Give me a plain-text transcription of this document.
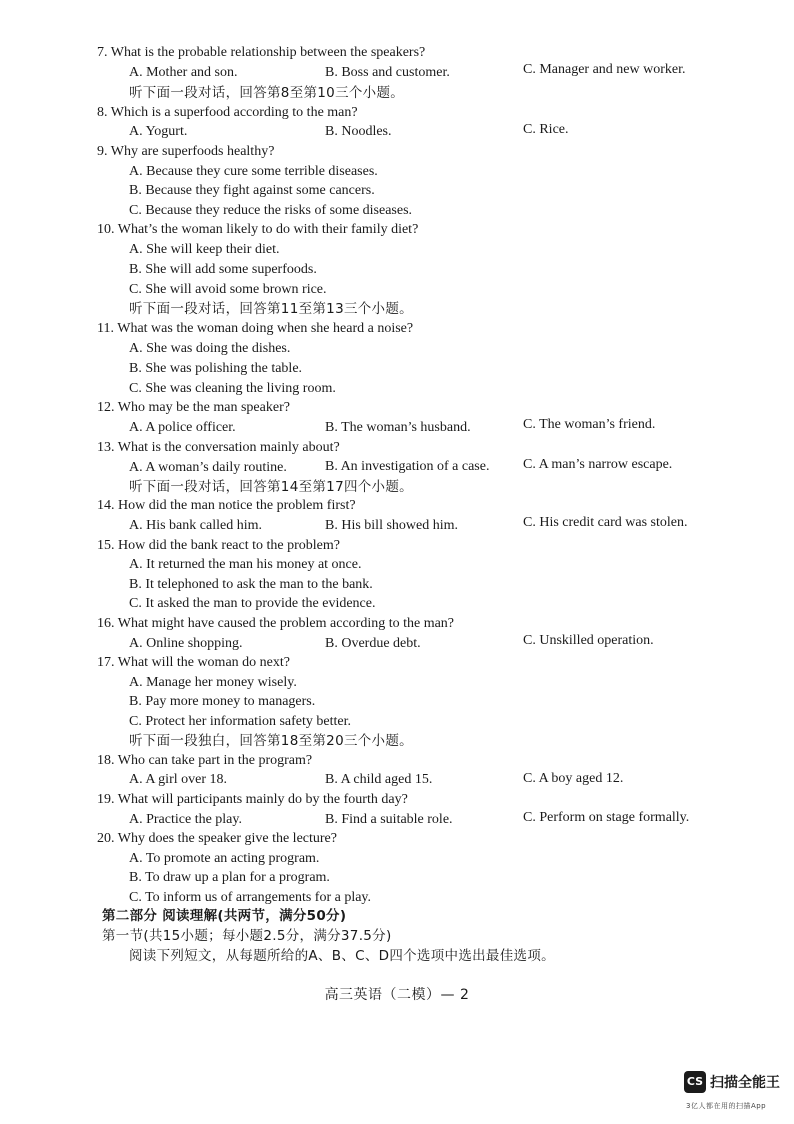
7. What is the probable relationship between the speakers?
A. Mother and son.	B. Boss and customer.	C. Manager and new worker.
听下面一段对话，回答第8至第10三个小题。
8. Which is a superfood according to the man?
A. Yogurt.	B. Noodles.	C. Rice.
9. Why are superfoods healthy?
A. Because they cure some terrible diseases.
B. Because they fight against some cancers.
C. Because they reduce the risks of some diseases.
10. What’s the woman likely to do with their family diet?
A. She will keep their diet.
B. She will add some superfoods.
C. She will avoid some brown rice.
听下面一段对话，回答第11至第13三个小题。
11. What was the woman doing when she heard a noise?
A. She was doing the dishes.
B. She was polishing the table.
C. She was cleaning the living room.
12. Who may be the man speaker?
A. A police officer.	B. The woman’s husband.	C. The woman’s friend.
13. What is the conversation mainly about?
A. A woman’s daily routine.	B. An investigation of a case. C. A man’s narrow escape.
听下面一段对话，回答第14至第17四个小题。
14. How did the man notice the problem first?
A. His bank called him.	B. His bill showed him.	C. His credit card was stolen.
15. How did the bank react to the problem?
A. It returned the man his money at once.
B. It telephoned to ask the man to the bank.
C. It asked the man to provide the evidence.
16. What might have caused the problem according to the man?
A. Online shopping.	B. Overdue debt.	C. Unskilled operation.
17. What will the woman do next?
A. Manage her money wisely.
B. Pay more money to managers.
C. Protect her information safety better.
听下面一段独白，回答第18至第20三个小题。
18. Who can take part in the program?
A. A girl over 18.	B. A child aged 15.	C. A boy aged 12.
19. What will participants mainly do by the fourth day?
A. Practice the play.	B. Find a suitable role.	C. Perform on stage formally.
20. Why does the speaker give the lecture?
A. To promote an acting program.
B. To draw up a plan for a program.
C. To inform us of arrangements for a play.
第二部分 阅读理解(共两节，满分50分)
第一节(共15小题；每小题2.5分，满分37.5分)
阅读下列短文，从每题所给的A、B、C、D四个选项中选出最佳选项。
高三英语（二模）— 2
CS 扫描全能王
3亿人都在用的扫描App
